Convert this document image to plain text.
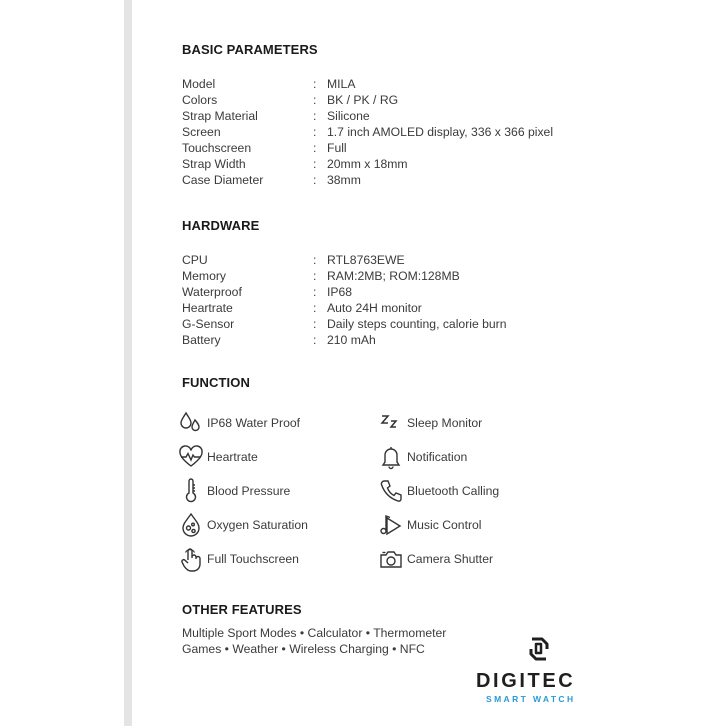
BASIC PARAMETERS
Model	: MILA
Colors	: BK / PK / RG
Strap Material	: Silicone
Screen	: 1.7 inch AMOLED display, 336 x 366 pixel
Touchscreen	: Full
Strap Width	: 20mm x 18mm
Case Diameter	: 38mm
HARDWARE
CPU	: RTL8763EWE
Memory	: RAM:2MB; ROM:128MB
Waterproof	: IP68
Heartrate	: Auto 24H monitor
G-Sensor	: Daily steps counting, calorie burn
Battery	: 210 mAh
FUNCTION
IP68 Water Proof
Heartrate
Blood Pressure
Oxygen Saturation
Full Touchscreen
Sleep Monitor
Notification
Bluetooth Calling
Music Control
Camera Shutter
OTHER FEATURES
Multiple Sport Modes • Calculator • Thermometer
Games • Weather • Wireless Charging • NFC
DIGITEC
SMART WATCH
